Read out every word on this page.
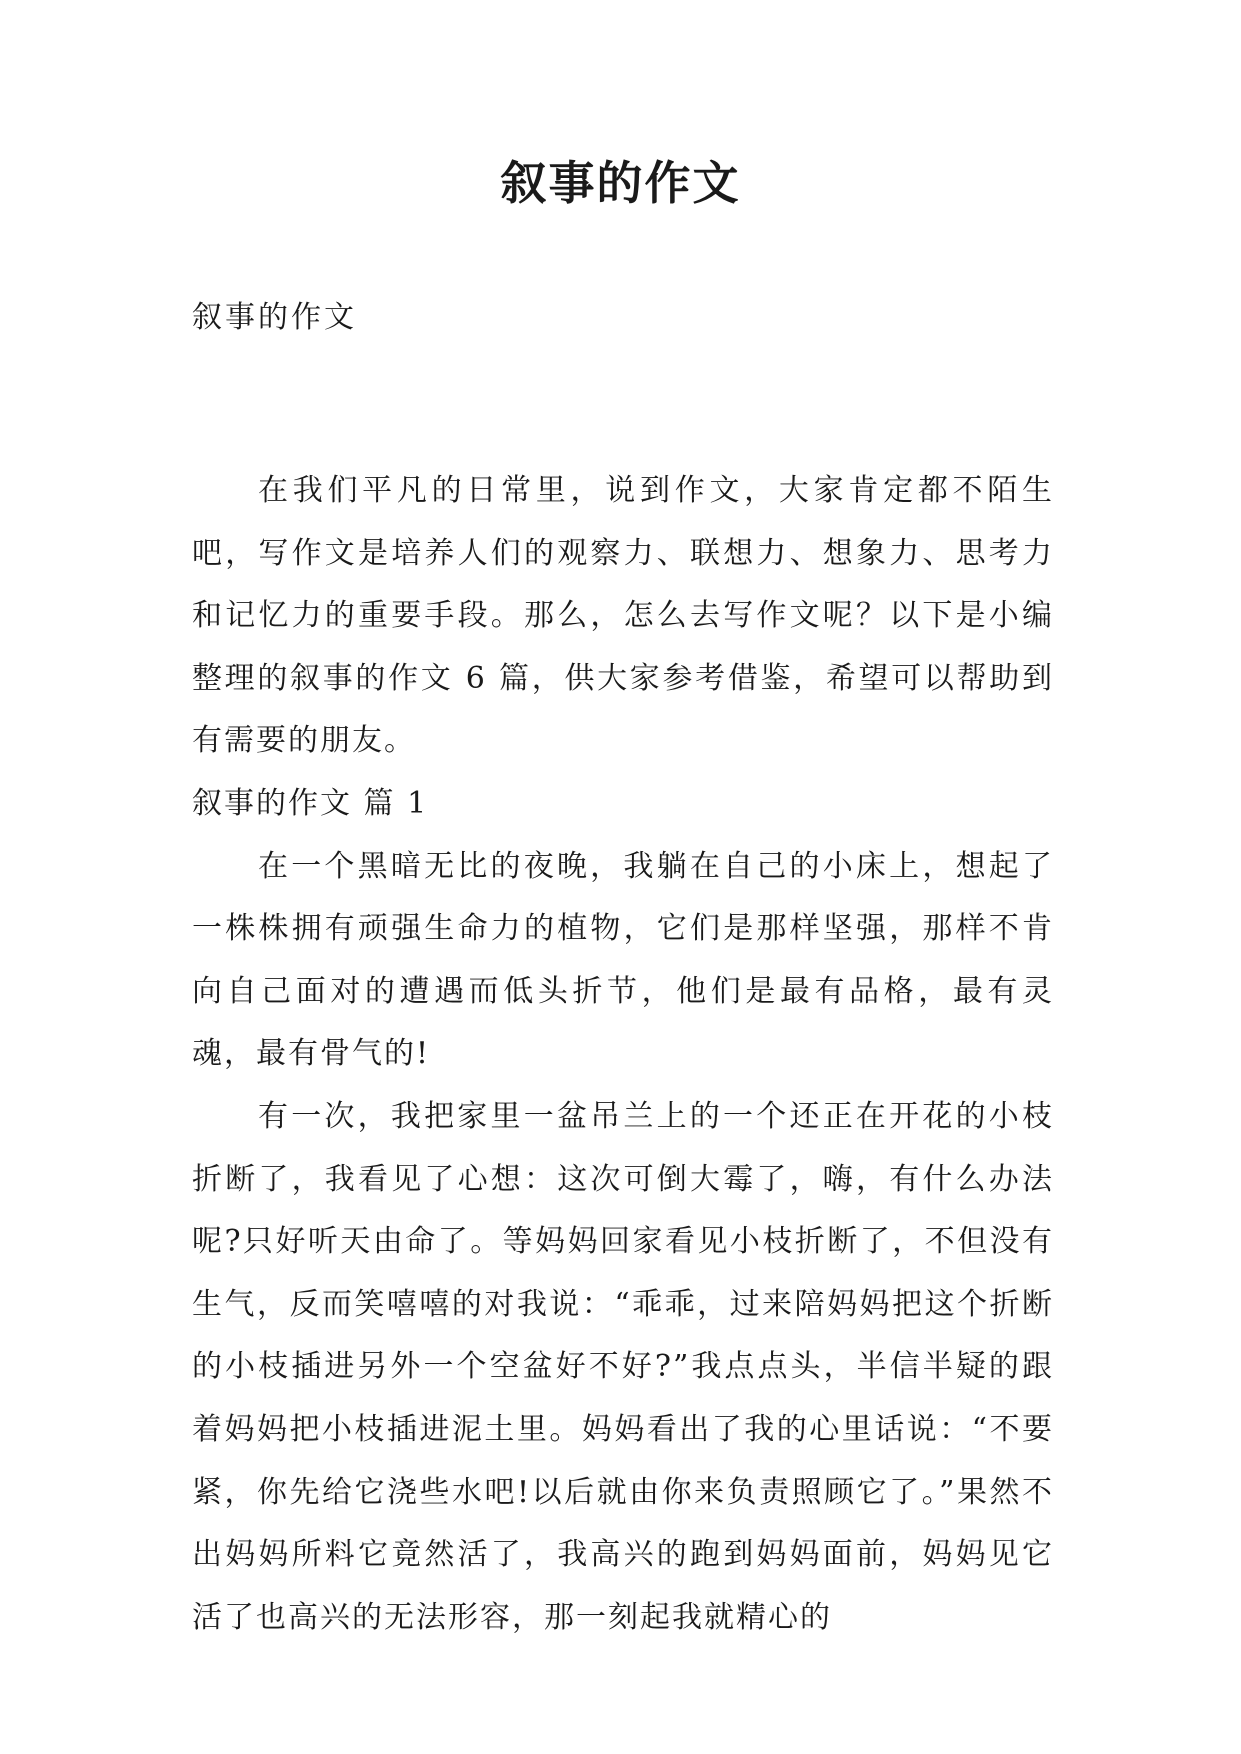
叙事的作文

叙事的作文

在我们平凡的日常里，说到作文，大家肯定都不陌生吧，写作文是培养人们的观察力、联想力、想象力、思考力和记忆力的重要手段。那么，怎么去写作文呢？以下是小编整理的叙事的作文 6 篇，供大家参考借鉴，希望可以帮助到有需要的朋友。

叙事的作文 篇 1

在一个黑暗无比的夜晚，我躺在自己的小床上，想起了一株株拥有顽强生命力的植物，它们是那样坚强，那样不肯向自己面对的遭遇而低头折节，他们是最有品格，最有灵魂，最有骨气的!

有一次，我把家里一盆吊兰上的一个还正在开花的小枝折断了，我看见了心想：这次可倒大霉了，嗨，有什么办法呢?只好听天由命了。等妈妈回家看见小枝折断了，不但没有生气，反而笑嘻嘻的对我说：“乖乖，过来陪妈妈把这个折断的小枝插进另外一个空盆好不好?”我点点头，半信半疑的跟着妈妈把小枝插进泥土里。妈妈看出了我的心里话说：“不要紧，你先给它浇些水吧!以后就由你来负责照顾它了。”果然不出妈妈所料它竟然活了，我高兴的跑到妈妈面前，妈妈见它活了也高兴的无法形容，那一刻起我就精心的
